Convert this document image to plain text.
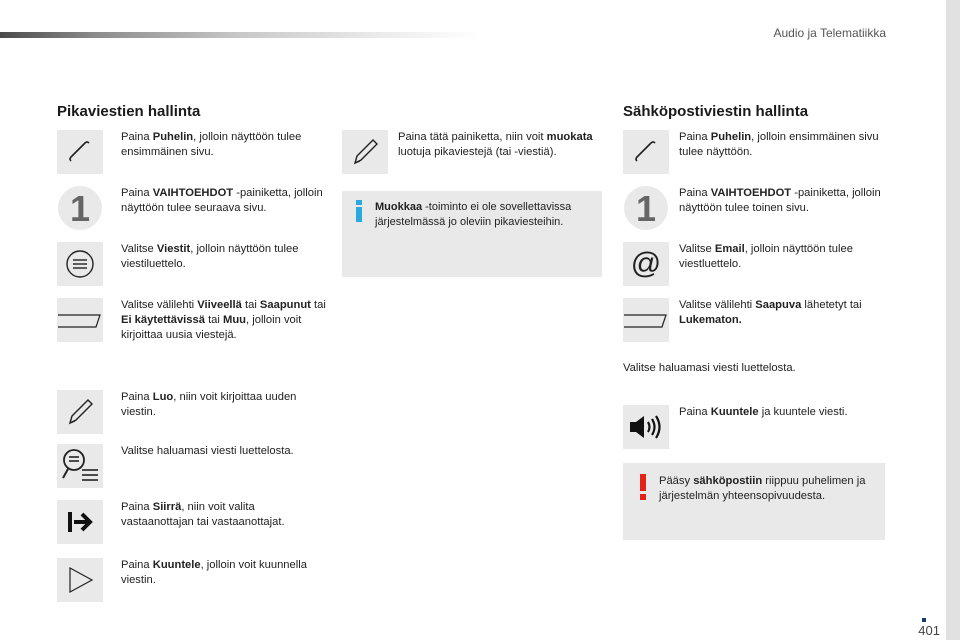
Audio ja Telematiikka
Pikaviestien hallinta
Paina Puhelin, jolloin näyttöön tulee ensimmäinen sivu.
1	Paina VAIHTOEHDOT -painiketta, jolloin näyttöön tulee seuraava sivu.
Valitse Viestit, jolloin näyttöön tulee viestiluettelo.
Valitse välilehti Viiveellä tai Saapunut tai Ei käytettävissä tai Muu, jolloin voit kirjoittaa uusia viestejä.
Paina Luo, niin voit kirjoittaa uuden viestin.
Valitse haluamasi viesti luettelosta.
Paina Siirrä, niin voit valita vastaanottajan tai vastaanottajat.
Paina Kuuntele, jolloin voit kuunnella viestin.
Paina tätä painiketta, niin voit muokata luotuja pikaviestejä (tai -viestiä).
Muokkaa -toiminto ei ole sovellettavissa järjestelmässä jo oleviin pikaviesteihin.
Sähköpostiviestin hallinta
Paina Puhelin, jolloin ensimmäinen sivu tulee näyttöön.
1 Paina VAIHTOEHDOT -painiketta, jolloin näyttöön tulee toinen sivu.
@ Valitse Email, jolloin näyttöön tulee viestluettelo.
Valitse välilehti Saapuva lähetetyt tai Lukematon.
Valitse haluamasi viesti luettelosta.
Paina Kuuntele ja kuuntele viesti.
Pääsy sähköpostiin riippuu puhelimen ja järjestelmän yhteensopivuudesta.
401
